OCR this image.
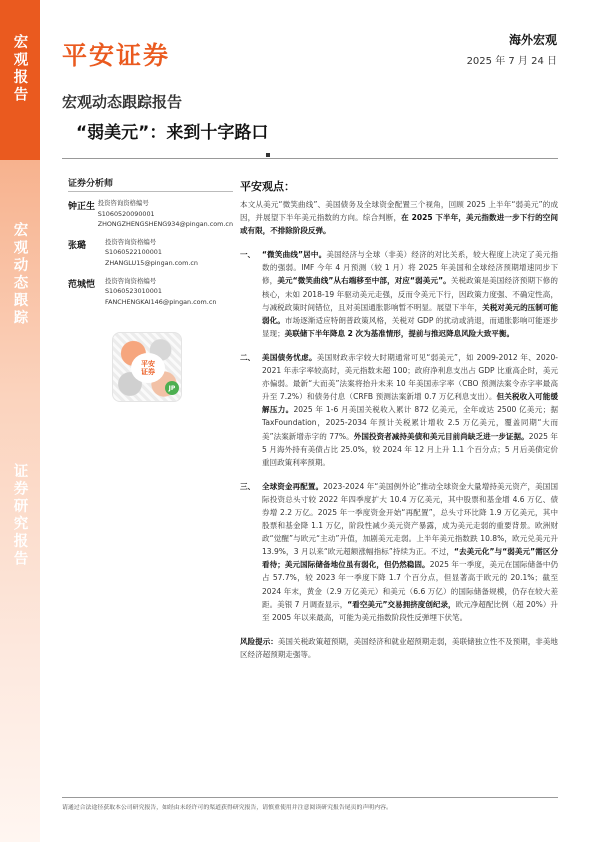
宏观报告
宏观动态跟踪
证券研究报告
平安证券
海外宏观
2025 年 7 月 24 日
宏观动态跟踪报告
“弱美元”：来到十字路口
证券分析师
钟正生 投资咨询资格编号
S1060520090001
ZHONGZHENGSHENG934@pingan.com.cn
张璐	投资咨询资格编号
S1060522100001
ZHANGLU15@pingan.com.cn
范城恺	投资咨询资格编号
S1060523010001
FANCHENGKAI146@pingan.com.cn
平安
证券
JP
平安观点：
本文从美元“微笑曲线”、美国债务及全球资金配置三个视角，回顾 2025 上半年“弱美元”的成因，并展望下半年美元指数的方向。综合判断，在 2025 下半年，美元指数进一步下行的空间或有限，不排除阶段反弹。
一、 “微笑曲线”居中。美国经济与全球（非美）经济的对比关系，较大程度上决定了美元指数的强弱。IMF 今年 4 月预测（较 1 月）将 2025 年美国和全球经济预期增速同步下修，美元“微笑曲线”从右端移至中部，对应“弱美元”。关税政策是美国经济预期下修的核心，未如 2018-19 年驱动美元走强，反而令美元下行，因政策力度强、不确定性高，与减税政策时间错位，且对美国通胀影响暂不明显。展望下半年，关税对美元的压制可能弱化。市场逐渐适应特朗普政策风格，关税对 GDP 的扰动或消退，而通胀影响可能逐步显现；美联储下半年降息 2 次为基准情形，提前与推迟降息风险大致平衡。
二、 美国债务忧虑。美国财政赤字较大时期通常可见“弱美元”，如 2009-2012 年、2020-2021 年赤字率较高时，美元指数未超 100；政府净利息支出占 GDP 比重高企时，美元亦偏弱。最新“大而美”法案将抬升未来 10 年美国赤字率（CBO 预测法案令赤字率最高升至 7.2%）和债务付息（CRFB 预测法案新增 0.7 万亿利息支出）。但关税收入可能缓解压力。2025 年 1-6 月美国关税收入累计 872 亿美元，全年或达 2500 亿美元；据 TaxFoundation，2025-2034 年预计关税累计增收 2.5 万亿美元，覆盖同期“大而美”法案新增赤字的 77%。外国投资者减持美债和美元目前尚缺乏进一步证据。2025 年 5 月海外持有美债占比 25.0%，较 2024 年 12 月上升 1.1 个百分点；5 月后美债定价重回政策利率预期。
三、 全球资金再配置。2023-2024 年“美国例外论”推动全球资金大量增持美元资产，美国国际投资总头寸较 2022 年四季度扩大 10.4 万亿美元，其中股票和基金增 4.6 万亿、债券增 2.2 万亿。2025 年一季度资金开始“再配置”，总头寸环比降 1.9 万亿美元，其中股票和基金降 1.1 万亿，阶段性减少美元资产暴露，成为美元走弱的重要背景。欧洲财政“觉醒”与欧元“主动”升值，加剧美元走弱。上半年美元指数跌 10.8%，欧元兑美元升 13.9%，3 月以来“欧元超额涨幅指标”持续为正。不过，“去美元化”与“弱美元”需区分看待；美元国际储备地位虽有弱化，但仍然稳固。2025 年一季度，美元在国际储备中仍占 57.7%，较 2023 年一季度下降 1.7 个百分点，但显著高于欧元的 20.1%；截至 2024 年末，黄金（2.9 万亿美元）和美元（6.6 万亿）的国际储备规模，仍存在较大差距。美银 7 月调查显示，“看空美元”交易拥挤度创纪录，欧元净超配比例（超 20%）升至 2005 年以来最高，可能为美元指数阶段性反弹埋下伏笔。
风险提示：美国关税政策超预期，美国经济和就业超预期走弱，美联储独立性不及预期，非美地区经济超预期走强等。
请通过合法途径获取本公司研究报告，如经由未经许可的渠道获得研究报告，请慎重使用并注意阅读研究报告尾页的声明内容。
